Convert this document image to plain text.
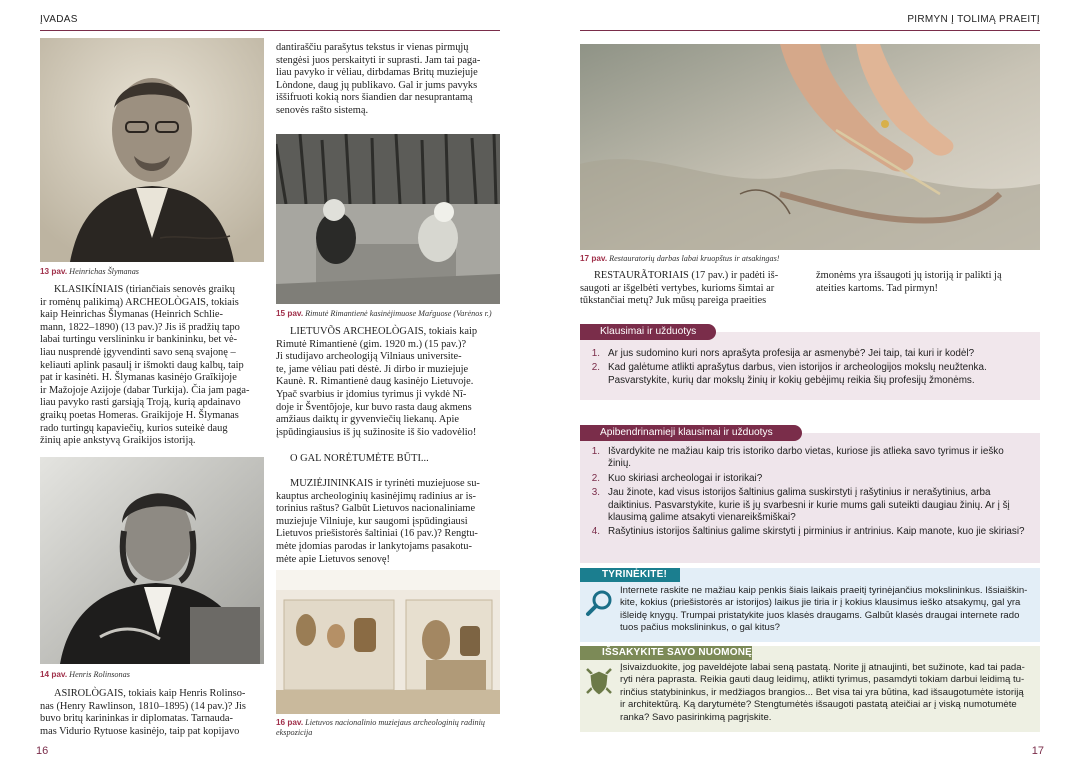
ĮVADAS
13 pav. Heinrichas Šlymanas
KLASIKÍNIAIS (tiriančiais senovės graikų
ir romėnų palikimą) ARCHEOLÒGAIS, tokiais
kaip Heinrichas Šlymanas (Heinrich Schlie-
mann, 1822–1890) (13 pav.)? Jis iš pradžių tapo
labai turtingu verslininku ir bankininku, bet vė-
liau nusprendė įgyvendinti savo seną svajonę –
keliauti aplink pasaulį ir išmokti daug kalbų, taip
pat ir kasinėti. H. Šlymanas kasinėjo Graĩkijoje
ir Mažojoje Azijoje (dabar Turkija). Čia jam paga-
liau pavyko rasti garsiąją Troją, kurią apdainavo
graikų poetas Homeras. Graikijoje H. Šlymanas
rado turtingų kapaviečių, kurios suteikė daug
žinių apie ankstyvą Graikijos istoriją.
14 pav. Henris Rolinsonas
ASIROLÒGAIS, tokiais kaip Henris Rolinso-
nas (Henry Rawlinson, 1810–1895) (14 pav.)? Jis
buvo britų karininkas ir diplomatas. Tarnauda-
mas Vidurio Rytuose kasinėjo, taip pat kopijavo
dantiraščiu parašytus tekstus ir vienas pirmųjų
stengėsi juos perskaityti ir suprasti. Jam tai paga-
liau pavyko ir vėliau, dirbdamas Britų muziejuje
Lòndone, daug jų publikavo. Gal ir jums pavyks
iššifruoti kokią nors šiandien dar nesuprantamą
senovės rašto sistemą.
15 pav. Rimutė Rimantienė kasinėjimuose Maŕguose (Varėnos r.)
LIETUVÕS ARCHEOLÒGAIS, tokiais kaip
Rimutė Rimantienė (gim. 1920 m.) (15 pav.)?
Ji studijavo archeologiją Vilniaus universite-
te, jame vėliau pati dėstė. Ji dirbo ir muziejuje
Kaunè. R. Rimantienė daug kasinėjo Lietuvoje.
Ypač svarbius ir įdomius tyrimus ji vykdė Nĩ-
doje ir Šventõjoje, kur buvo rasta daug akmens
amžiaus daiktų ir gyvenviečių liekanų. Apie
įspūdingiausius iš jų sužinosite iš šio vadovėlio!
O GAL NORĖTUMĖTE BŪTI...
MUZIĖJININKAIS ir tyrinėti muziejuose su-
kauptus archeologinių kasinėjimų radinius ar is-
torinius raštus? Galbūt Lietuvos nacionaliniame
muziejuje Vilniuje, kur saugomi įspūdingiausi
Lietuvos priešistorės šaltiniai (16 pav.)? Rengtu-
mėte įdomias parodas ir lankytojams pasakotu-
mėte apie Lietuvos senovę!
16 pav. Lietuvos nacionalinio muziejaus archeologinių radinių ekspozicija
16
PIRMYN Į TOLIMĄ PRAEITĮ
17 pav. Restauratorių darbas labai kruopštus ir atsakingas!
RESTAURÃTORIAIS (17 pav.) ir padėti iš-
saugoti ar išgelbėti vertybes, kurioms šimtai ar
tūkstančiai metų? Juk mūsų pareiga praeities
žmonėms yra išsaugoti jų istoriją ir palikti ją
ateities kartoms. Tad pirmyn!
Klausimai ir užduotys
1. Ar jus sudomino kuri nors aprašyta profesija ar asmenybė? Jei taip, tai kuri ir kodėl?
2. Kad galėtume atlikti aprašytus darbus, vien istorijos ir archeologijos mokslų neužtenka. Pasvarstykite, kurių dar mokslų žinių ir kokių gebėjimų reikia šių profesijų žmonėms.
Apibendrinamieji klausimai ir užduotys
1. Išvardykite ne mažiau kaip tris istoriko darbo vietas, kuriose jis atlieka savo tyrimus ir ieško žinių.
2. Kuo skiriasi archeologai ir istorikai?
3. Jau žinote, kad visus istorijos šaltinius galima suskirstyti į rašytinius ir nerašytinius, arba daiktinius. Pasvarstykite, kurie iš jų svarbesni ir kurie mums gali suteikti daugiau žinių. Ar į šį klausimą galime atsakyti vienareikšmiškai?
4. Rašytinius istorijos šaltinius galime skirstyti į pirminius ir antrinius. Kaip manote, kuo jie skiriasi?
TYRINĖKITE!
Internete raskite ne mažiau kaip penkis šiais laikais praeitį tyrinėjančius mokslininkus. Išsiaiškin-
kite, kokius (priešistorės ar istorijos) laikus jie tiria ir į kokius klausimus ieško atsakymų, gal yra
išleidę knygų. Trumpai pristatykite juos klasės draugams. Galbūt klasės draugai internete rado
tuos pačius mokslininkus, o gal kitus?
IŠSAKYKITE SAVO NUOMONĘ
Įsivaizduokite, jog paveldėjote labai seną pastatą. Norite jį atnaujinti, bet sužinote, kad tai pada-
ryti nėra paprasta. Reikia gauti daug leidimų, atlikti tyrimus, pasamdyti tokiam darbui leidimą tu-
rinčius statybininkus, ir medžiagos brangios... Bet visa tai yra būtina, kad išsaugotumėte istoriją
ir architektūrą. Ką darytumėte? Stengtumėtės išsaugoti pastatą ateičiai ar į viską numotumėte
ranka? Savo pasirinkimą pagrįskite.
17
